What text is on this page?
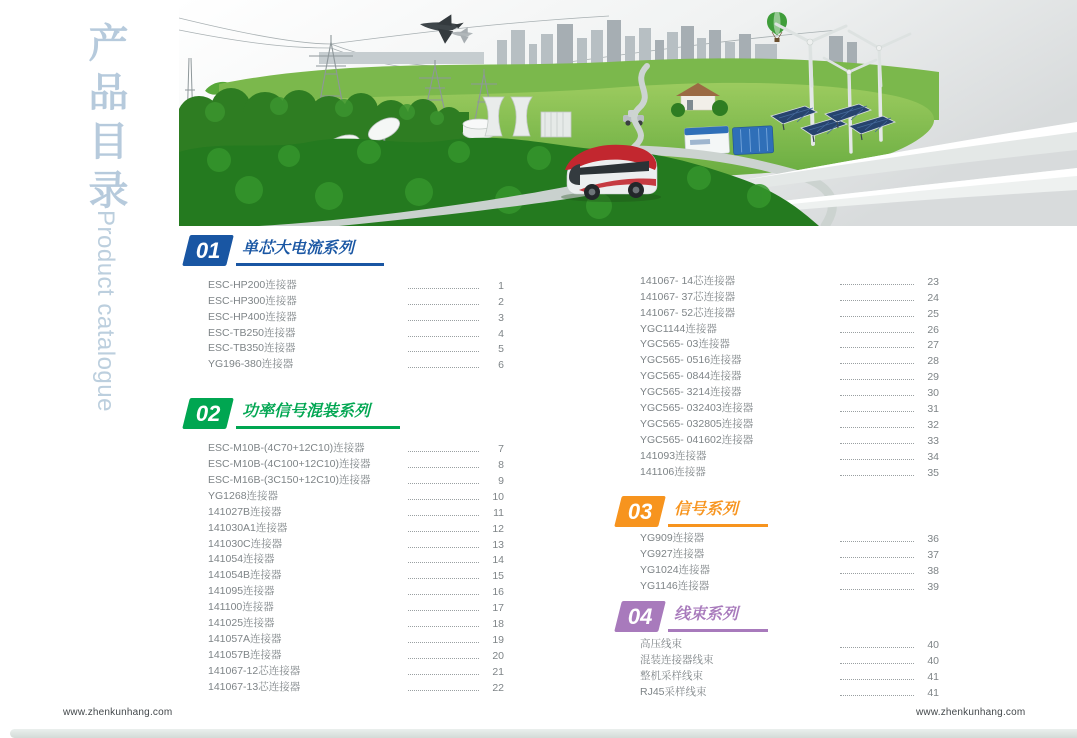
产品目录
Product catalogue	01	单芯大电流系列
ESC-HP200连接器	1
ESC-HP300连接器	2
ESC-HP400连接器	3
ESC-TB250连接器	4
ESC-TB350连接器	5
YG196-380连接器	6
02	功率信号混装系列
ESC-M10B-(4C70+12C10)连接器	7
ESC-M10B-(4C100+12C10)连接器	8
ESC-M16B-(3C150+12C10)连接器	9
YG1268连接器	10
141027B连接器	11
141030A1连接器	12
141030C连接器	13
141054连接器	14
141054B连接器	15
141095连接器	16
141100连接器	17
141025连接器	18
141057A连接器	19
141057B连接器	20
141067-12芯连接器	21
141067-13芯连接器	22
141067- 14芯连接器	23
141067- 37芯连接器	24
141067- 52芯连接器	25
YGC1144连接器	26
YGC565- 03连接器	27
YGC565- 0516连接器	28
YGC565- 0844连接器	29
YGC565- 3214连接器	30
YGC565- 032403连接器	31
YGC565- 032805连接器	32
YGC565- 041602连接器	33
141093连接器	34
141106连接器	35
03	信号系列
YG909连接器	36
YG927连接器	37
YG1024连接器	38
YG1146连接器	39
04	线束系列
高压线束	40
混装连接器线束	40
整机采样线束	41
RJ45采样线束	41
www.zhenkunhang.com	www.zhenkunhang.com
